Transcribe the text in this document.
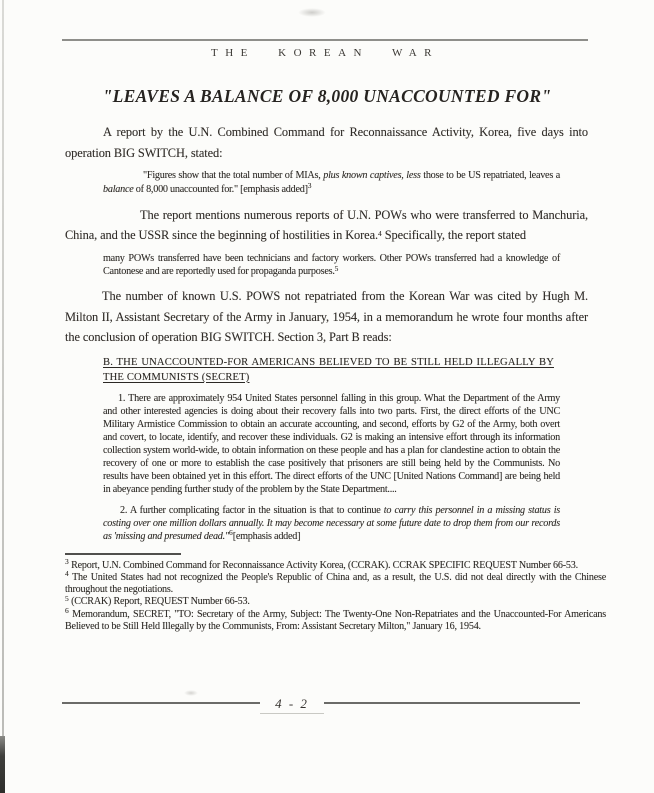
THE KOREAN WAR
"LEAVES A BALANCE OF 8,000 UNACCOUNTED FOR"

A report by the U.N. Combined Command for Reconnaissance Activity, Korea, five days into operation BIG SWITCH, stated:

"Figures show that the total number of MIAs, plus known captives, less those to be US repatriated, leaves a balance of 8,000 unaccounted for." [emphasis added]$^3$

The report mentions numerous reports of U.N. POWs who were transferred to Manchuria, China, and the USSR since the beginning of hostilities in Korea.$^4$ Specifically, the report stated

many POWs transferred have been technicians and factory workers. Other POWs transferred had a knowledge of Cantonese and are reportedly used for propaganda purposes.$^5$

The number of known U.S. POWS not repatriated from the Korean War was cited by Hugh M. Milton II, Assistant Secretary of the Army in January, 1954, in a memorandum he wrote four months after the conclusion of operation BIG SWITCH. Section 3, Part B reads:

B. THE UNACCOUNTED-FOR AMERICANS BELIEVED TO BE STILL HELD ILLEGALLY BY THE COMMUNISTS (SECRET)

1. There are approximately 954 United States personnel falling in this group. What the Department of the Army and other interested agencies is doing about their recovery falls into two parts. First, the direct efforts of the UNC Military Armistice Commission to obtain an accurate accounting, and second, efforts by G2 of the Army, both overt and covert, to locate, identify, and recover these individuals. G2 is making an intensive effort through its information collection system world-wide, to obtain information on these people and has a plan for clandestine action to obtain the recovery of one or more to establish the case positively that prisoners are still being held by the Communists. No results have been obtained yet in this effort. The direct efforts of the UNC [United Nations Command] are being held in abeyance pending further study of the problem by the State Department....

2. A further complicating factor in the situation is that to continue to carry this personnel in a missing status is costing over one million dollars annually. It may become necessary at some future date to drop them from our records as 'missing and presumed dead."$^6$[emphasis added]

$^3$ Report, U.N. Combined Command for Reconnaissance Activity Korea, (CCRAK). CCRAK SPECIFIC REQUEST Number 66-53.

$^4$ The United States had not recognized the People's Republic of China and, as a result, the U.S. did not deal directly with the Chinese throughout the negotiations.

$^5$ (CCRAK) Report, REQUEST Number 66-53.

$^6$ Memorandum, SECRET, "TO: Secretary of the Army, Subject: The Twenty-One Non-Repatriates and the Unaccounted-For Americans Believed to be Still Held Illegally by the Communists, From: Assistant Secretary Milton," January 16, 1954.

4 - 2
